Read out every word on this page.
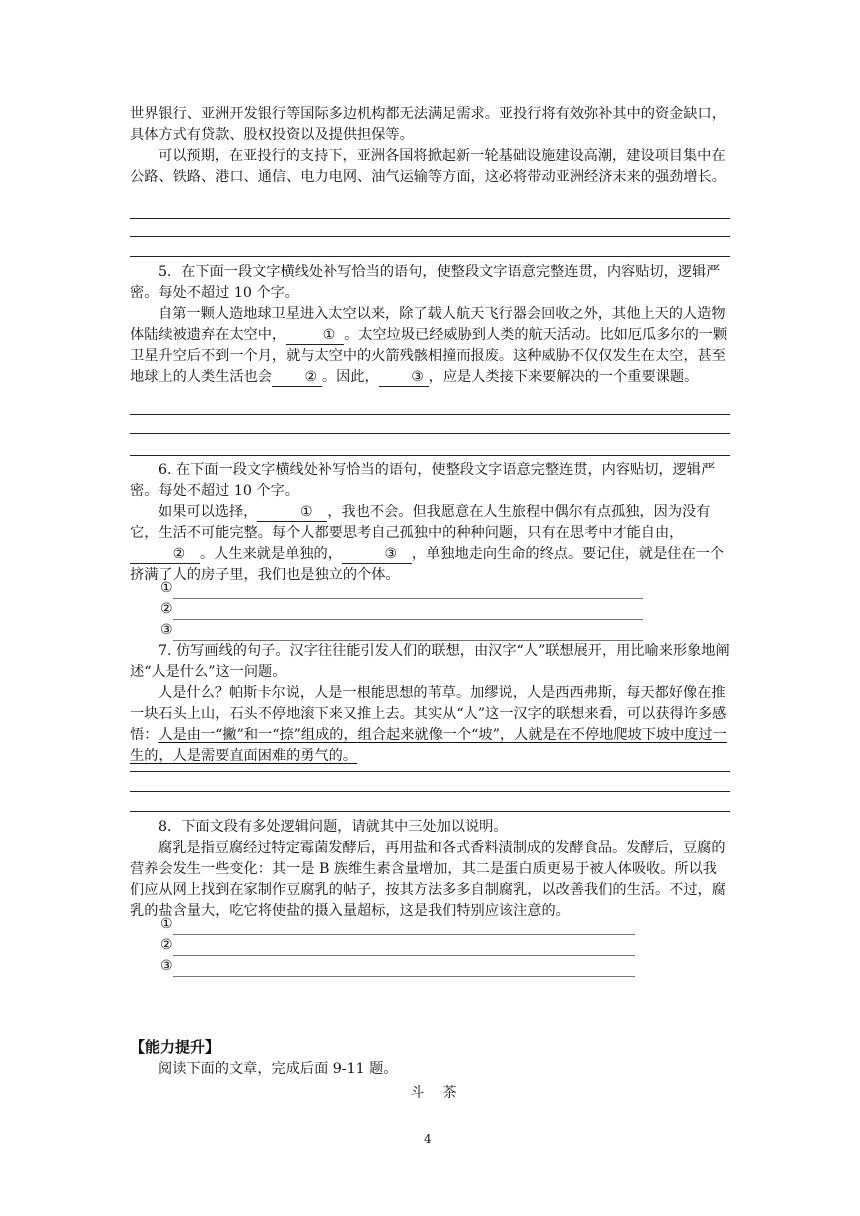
世界银行、亚洲开发银行等国际多边机构都无法满足需求。亚投行将有效弥补其中的资金缺口，具体方式有贷款、股权投资以及提供担保等。

可以预期，在亚投行的支持下，亚洲各国将掀起新一轮基础设施建设高潮，建设项目集中在公路、铁路、港口、通信、电力电网、油气运输等方面，这必将带动亚洲经济未来的强劲增长。

5．在下面一段文字横线处补写恰当的语句，使整段文字语意完整连贯，内容贴切，逻辑严密。每处不超过 10 个字。

自第一颗人造地球卫星进入太空以来，除了载人航天飞行器会回收之外，其他上天的人造物体陆续被遗弃在太空中，	① 。太空垃圾已经威胁到人类的航天活动。比如厄瓜多尔的一颗卫星升空后不到一个月，就与太空中的火箭残骸相撞而报废。这种威胁不仅仅发生在太空，甚至地球上的人类生活也会 ② 。因此， ③ ，应是人类接下来要解决的一个重要课题。

6. 在下面一段文字横线处补写恰当的语句，使整段文字语意完整连贯，内容贴切，逻辑严密。每处不超过 10 个字。

如果可以选择，	① ，我也不会。但我愿意在人生旅程中偶尔有点孤独，因为没有它，生活不可能完整。每个人都要思考自己孤独中的种种问题，只有在思考中才能自由，② 。人生来就是单独的，	③ ，单独地走向生命的终点。要记住，就是住在一个挤满了人的房子里，我们也是独立的个体。

①
②
③

7. 仿写画线的句子。汉字往往能引发人们的联想，由汉字“人”联想展开，用比喻来形象地阐述“人是什么”这一问题。

人是什么？帕斯卡尔说，人是一根能思想的苇草。加缪说，人是西西弗斯，每天都好像在推一块石头上山，石头不停地滚下来又推上去。其实从“人”这一汉字的联想来看，可以获得许多感悟：人是由一“撇”和一“捺”组成的，组合起来就像一个“坡”，人就是在不停地爬坡下坡中度过一生的，人是需要直面困难的勇气的。

8．下面文段有多处逻辑问题，请就其中三处加以说明。

腐乳是指豆腐经过特定霉菌发酵后，再用盐和各式香料渍制成的发酵食品。发酵后，豆腐的营养会发生一些变化：其一是 B 族维生素含量增加，其二是蛋白质更易于被人体吸收。所以我们应从网上找到在家制作豆腐乳的帖子，按其方法多多自制腐乳，以改善我们的生活。不过，腐乳的盐含量大，吃它将使盐的摄入量超标，这是我们特别应该注意的。

①
②
③
【能力提升】
阅读下面的文章，完成后面 9-11 题。
斗　茶
4
